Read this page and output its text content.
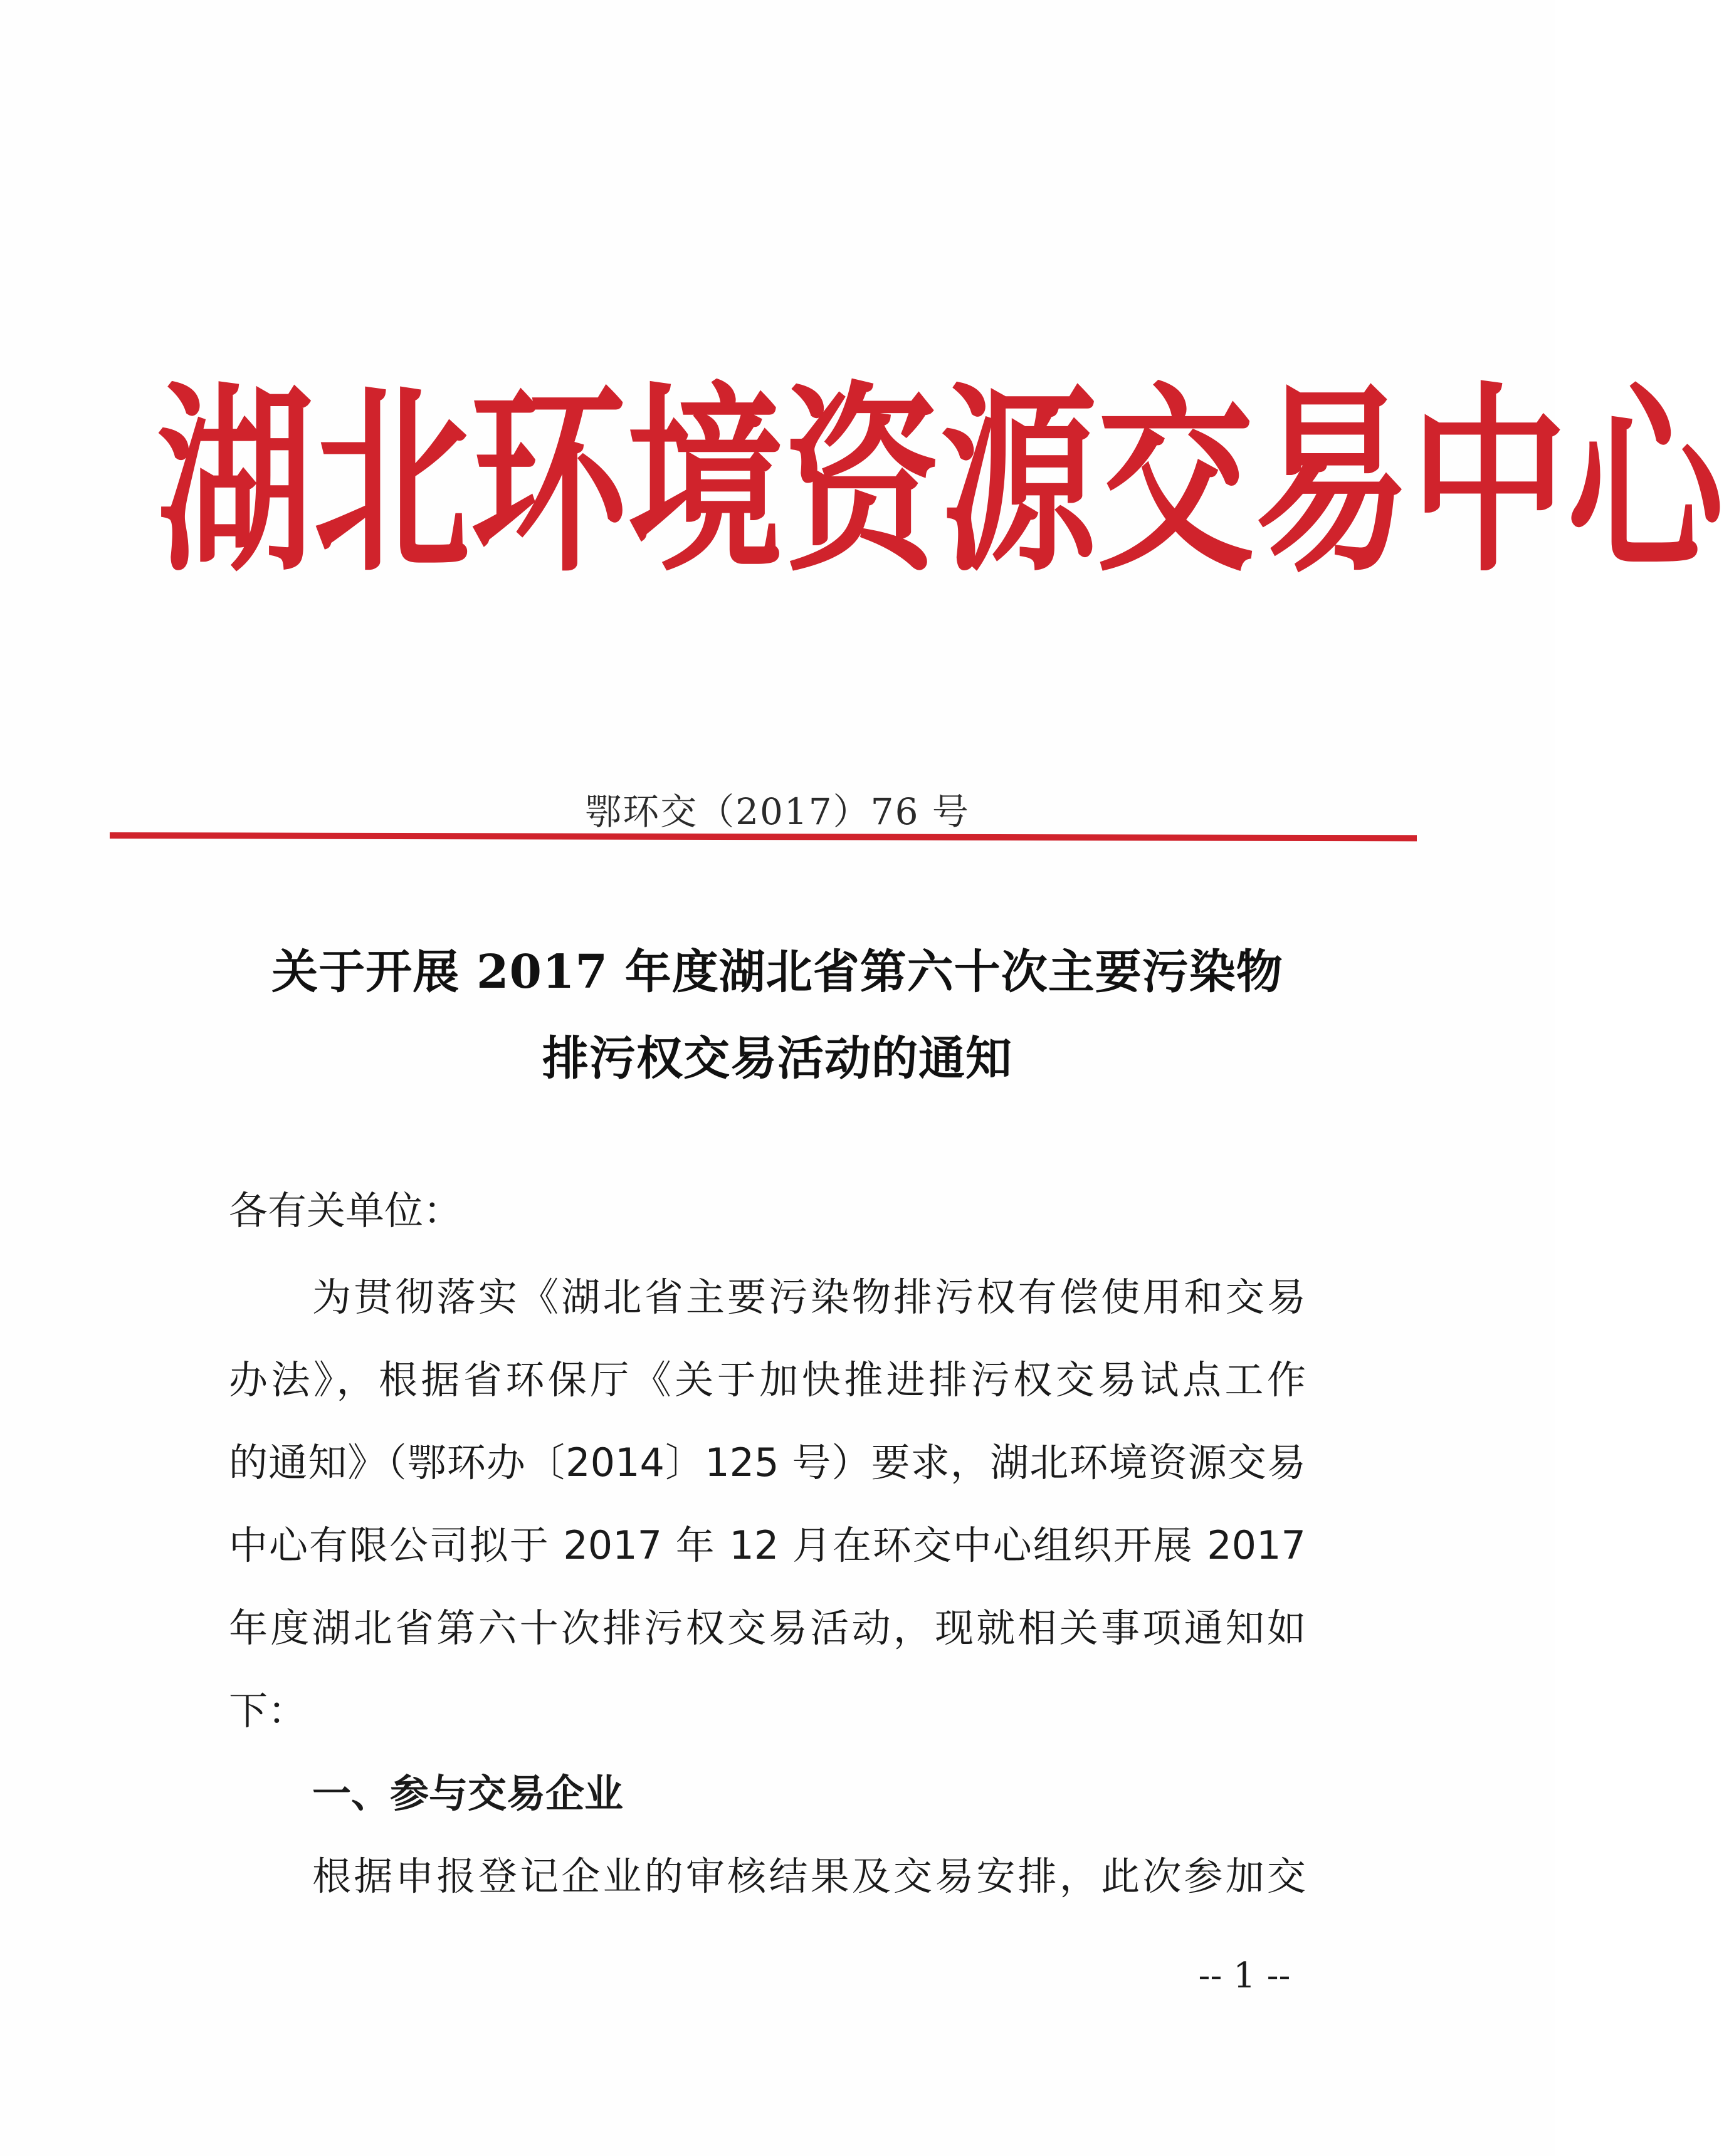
湖 北 环 境 资 源 交 易 中 心
鄂环交（2017）76 号
关于开展 2017 年度湖北省第六十次主要污染物
排污权交易活动的通知
各有关单位：
为贯彻落实《湖北省主要污染物排污权有偿使用和交易
办法》，根据省环保厅《关于加快推进排污权交易试点工作
的通知》（鄂环办〔2014〕125 号）要求，湖北环境资源交易
中心有限公司拟于 2017 年 12 月在环交中心组织开展 2017
年度湖北省第六十次排污权交易活动，现就相关事项通知如
下：
一、参与交易企业
根据申报登记企业的审核结果及交易安排，此次参加交
-- 1 --
